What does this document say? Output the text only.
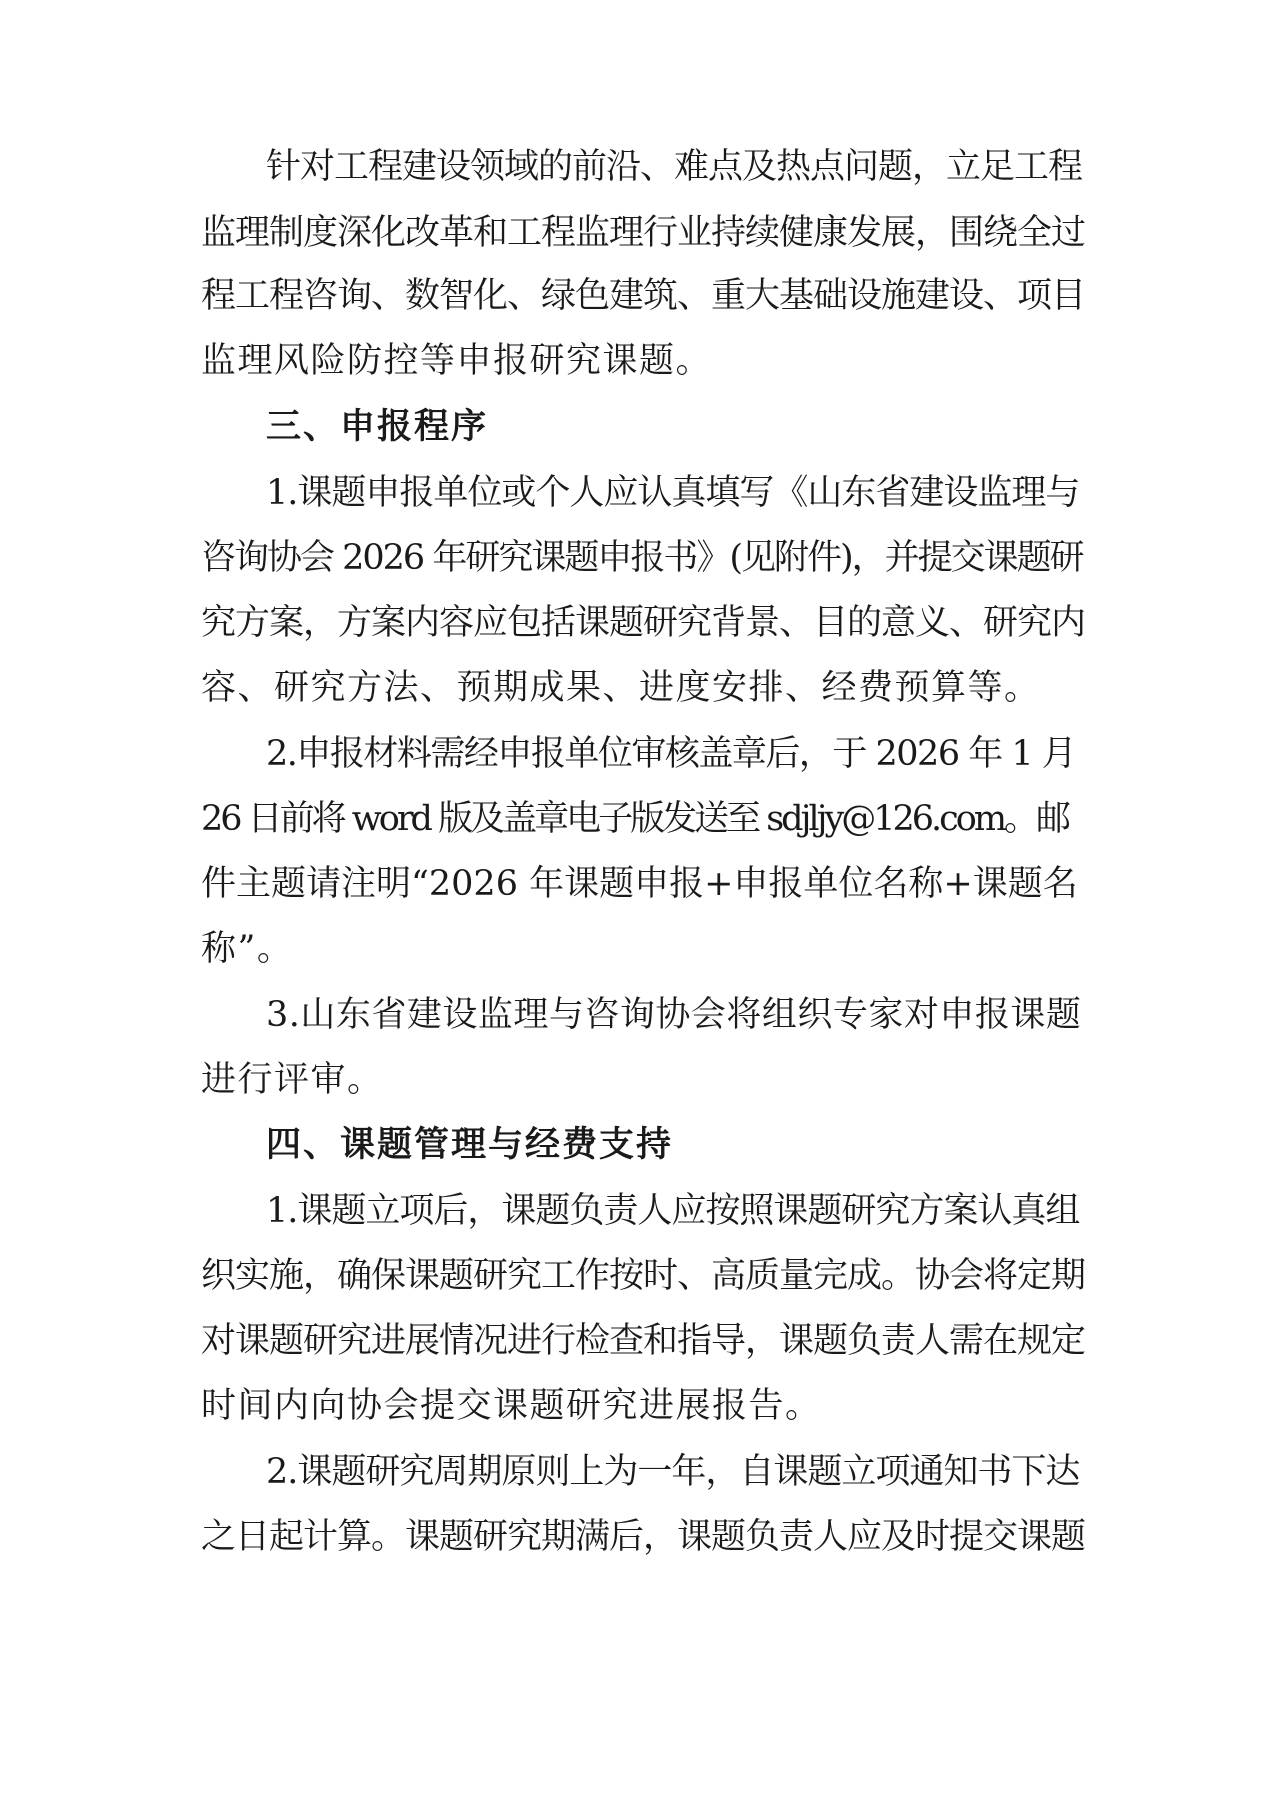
针对工程建设领域的前沿、难点及热点问题，立足工程
监理制度深化改革和工程监理行业持续健康发展，围绕全过
程工程咨询、数智化、绿色建筑、重大基础设施建设、项目
监理风险防控等申报研究课题。
三、申报程序
1.课题申报单位或个人应认真填写《山东省建设监理与
咨询协会 2026 年研究课题申报书》(见附件)，并提交课题研
究方案，方案内容应包括课题研究背景、目的意义、研究内
容、研究方法、预期成果、进度安排、经费预算等。
2.申报材料需经申报单位审核盖章后，于 2026 年 1 月
26 日前将 word 版及盖章电子版发送至 sdjljy@126.com。邮
件主题请注明“2026 年课题申报+申报单位名称+课题名
称”。
3.山东省建设监理与咨询协会将组织专家对申报课题
进行评审。
四、课题管理与经费支持
1.课题立项后，课题负责人应按照课题研究方案认真组
织实施，确保课题研究工作按时、高质量完成。协会将定期
对课题研究进展情况进行检查和指导，课题负责人需在规定
时间内向协会提交课题研究进展报告。
2.课题研究周期原则上为一年，自课题立项通知书下达
之日起计算。课题研究期满后，课题负责人应及时提交课题
